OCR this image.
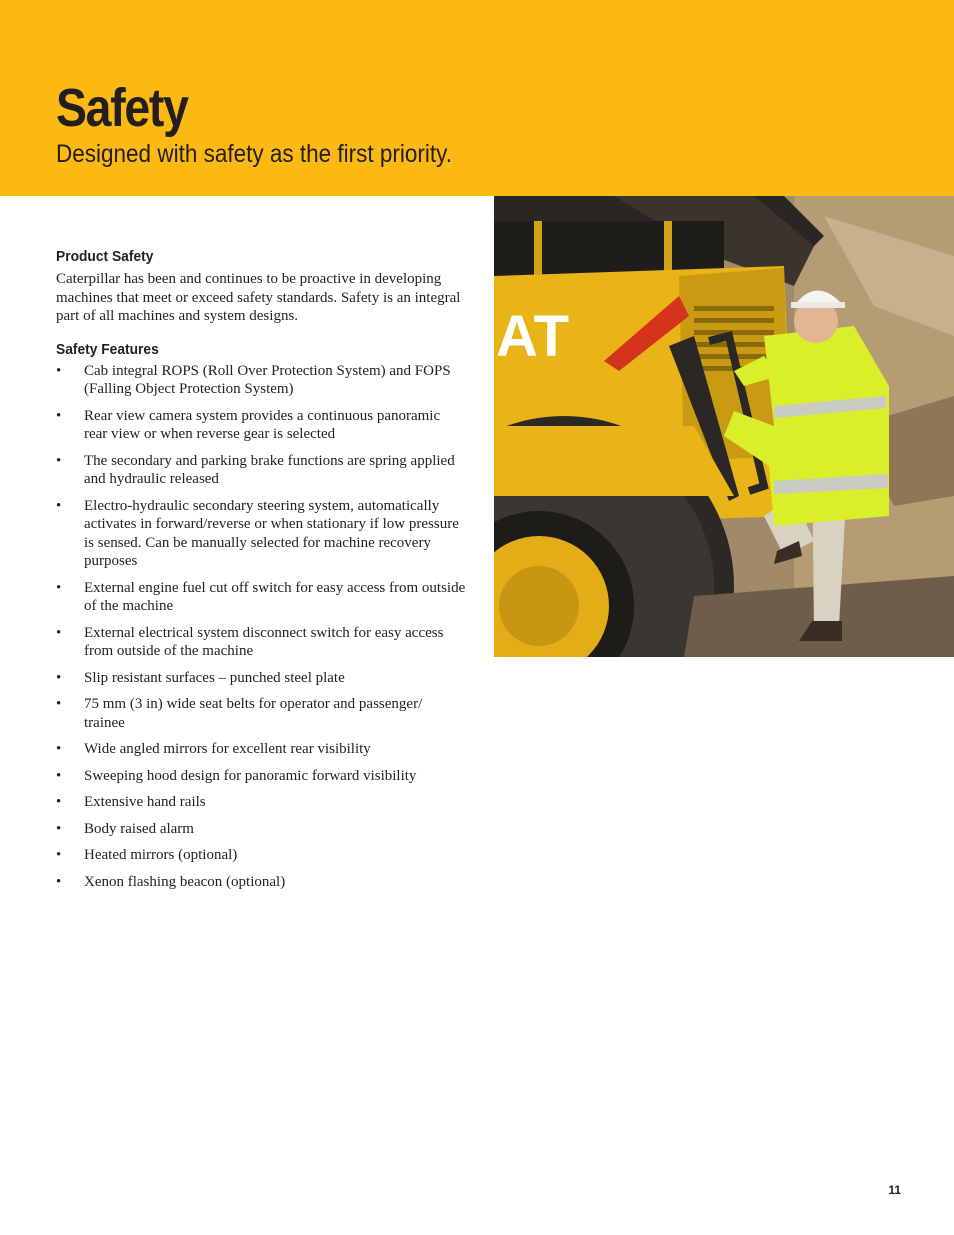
Safety
Designed with safety as the first priority.
Product Safety

Caterpillar has been and continues to be proactive in developing machines that meet or exceed safety standards. Safety is an integral part of all machines and system designs.

Safety Features
• Cab integral ROPS (Roll Over Protection System) and FOPS (Falling Object Protection System)
• Rear view camera system provides a continuous panoramic rear view or when reverse gear is selected
• The secondary and parking brake functions are spring applied and hydraulic released
• Electro-hydraulic secondary steering system, automatically activates in forward/reverse or when stationary if low pressure is sensed. Can be manually selected for machine recovery purposes
• External engine fuel cut off switch for easy access from outside of the machine
• External electrical system disconnect switch for easy access from outside of the machine
• Slip resistant surfaces – punched steel plate
• 75 mm (3 in) wide seat belts for operator and passenger/ trainee
• Wide angled mirrors for excellent rear visibility
• Sweeping hood design for panoramic forward visibility
• Extensive hand rails
• Body raised alarm
• Heated mirrors (optional)
• Xenon flashing beacon (optional)
AT
11
